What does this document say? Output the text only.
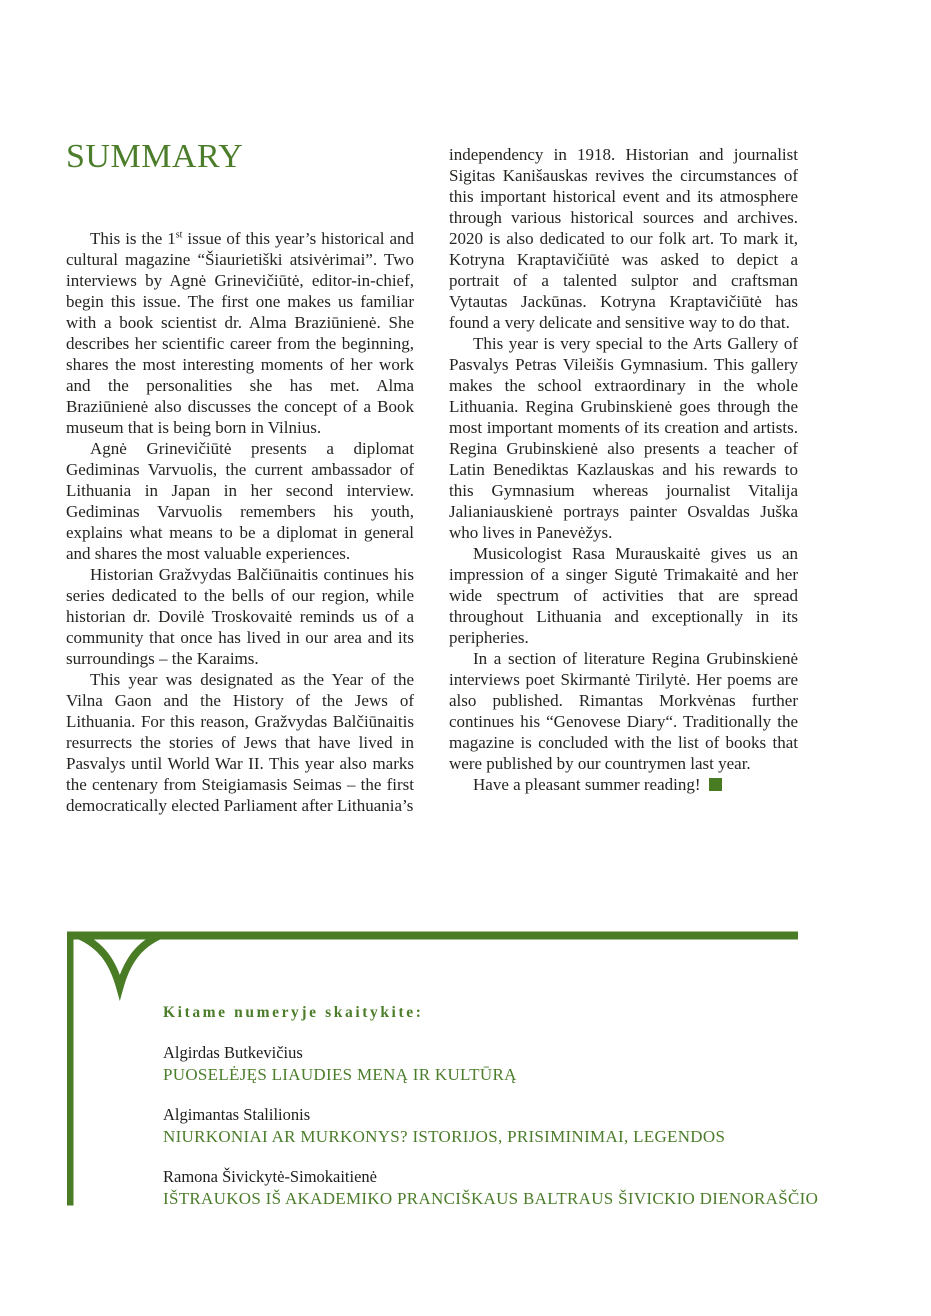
SUMMARY

This is the 1st issue of this year’s historical and cultural magazine “Šiaurietiški atsivėrimai”. Two interviews by Agnė Grinevičiūtė, editor-in-chief, begin this issue. The first one makes us familiar with a book scientist dr. Alma Braziūnienė. She describes her scientific career from the beginning, shares the most interesting moments of her work and the personalities she has met. Alma Braziūnienė also discusses the concept of a Book museum that is being born in Vilnius.

Agnė Grinevičiūtė presents a diplomat Gediminas Varvuolis, the current ambassador of Lithuania in Japan in her second interview. Gediminas Varvuolis remembers his youth, explains what means to be a diplomat in general and shares the most valuable experiences.

Historian Gražvydas Balčiūnaitis continues his series dedicated to the bells of our region, while historian dr. Dovilė Troskovaitė reminds us of a community that once has lived in our area and its surroundings – the Karaims.

This year was designated as the Year of the Vilna Gaon and the History of the Jews of Lithuania. For this reason, Gražvydas Balčiūnaitis resurrects the stories of Jews that have lived in Pasvalys until World War II. This year also marks the centenary from Steigiamasis Seimas – the first democratically elected Parliament after Lithuania’s

independency in 1918. Historian and journalist Sigitas Kanišauskas revives the circumstances of this important historical event and its atmosphere through various historical sources and archives. 2020 is also dedicated to our folk art. To mark it, Kotryna Kraptavičiūtė was asked to depict a portrait of a talented sulptor and craftsman Vytautas Jackūnas. Kotryna Kraptavičiūtė has found a very delicate and sensitive way to do that.

This year is very special to the Arts Gallery of Pasvalys Petras Vileišis Gymnasium. This gallery makes the school extraordinary in the whole Lithuania. Regina Grubinskienė goes through the most important moments of its creation and artists. Regina Grubinskienė also presents a teacher of Latin Benediktas Kazlauskas and his rewards to this Gymnasium whereas journalist Vitalija Jalianiauskienė portrays painter Osvaldas Juška who lives in Panevėžys.

Musicologist Rasa Murauskaitė gives us an impression of a singer Sigutė Trimakaitė and her wide spectrum of activities that are spread throughout Lithuania and exceptionally in its peripheries.

In a section of literature Regina Grubinskienė interviews poet Skirmantė Tirilytė. Her poems are also published. Rimantas Morkvėnas further continues his “Genovese Diary“. Traditionally the magazine is concluded with the list of books that were published by our countrymen last year.

Have a pleasant summer reading!

Kitame numeryje skaitykite:

Algirdas Butkevičius

PUOSELĖJĘS LIAUDIES MENĄ IR KULTŪRĄ

Algimantas Stalilionis

NIURKONIAI AR MURKONYS? ISTORIJOS, PRISIMINIMAI, LEGENDOS

Ramona Šivickytė-Simokaitienė

IŠTRAUKOS IŠ AKADEMIKO PRANCIŠKAUS BALTRAUS ŠIVICKIO DIENORAŠČIO
